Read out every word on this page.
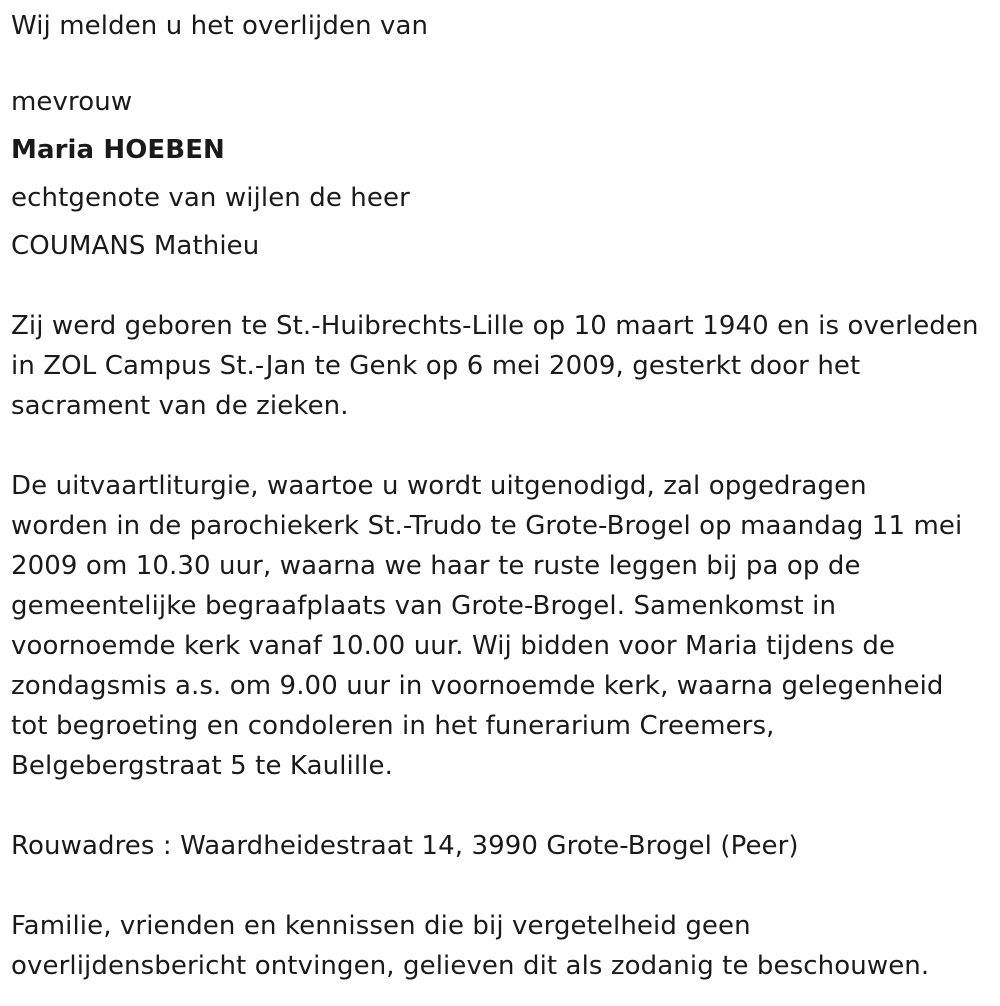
Wij melden u het overlijden van
mevrouw
Maria HOEBEN
echtgenote van wijlen de heer
COUMANS Mathieu
Zij werd geboren te St.-Huibrechts-Lille op 10 maart 1940 en is overleden
in ZOL Campus St.-Jan te Genk op 6 mei 2009, gesterkt door het
sacrament van de zieken.
De uitvaartliturgie, waartoe u wordt uitgenodigd, zal opgedragen
worden in de parochiekerk St.-Trudo te Grote-Brogel op maandag 11 mei
2009 om 10.30 uur, waarna we haar te ruste leggen bij pa op de
gemeentelijke begraafplaats van Grote-Brogel. Samenkomst in
voornoemde kerk vanaf 10.00 uur. Wij bidden voor Maria tijdens de
zondagsmis a.s. om 9.00 uur in voornoemde kerk, waarna gelegenheid
tot begroeting en condoleren in het funerarium Creemers,
Belgebergstraat 5 te Kaulille.
Rouwadres : Waardheidestraat 14, 3990 Grote-Brogel (Peer)
Familie, vrienden en kennissen die bij vergetelheid geen
overlijdensbericht ontvingen, gelieven dit als zodanig te beschouwen.
